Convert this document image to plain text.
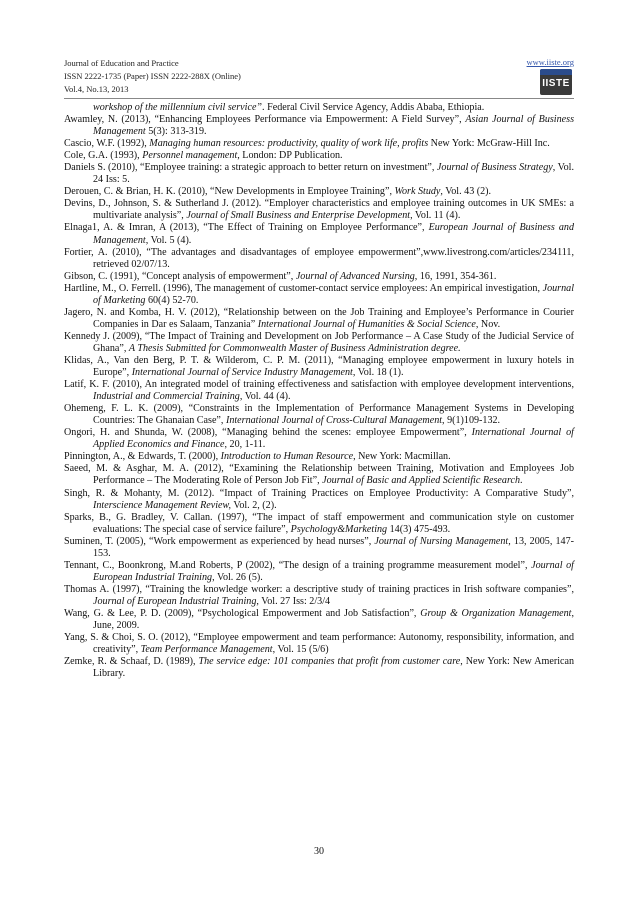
Journal of Education and Practice
ISSN 2222-1735 (Paper) ISSN 2222-288X (Online)
Vol.4, No.13, 2013
www.iiste.org
IISTE

workshop of the millennium civil service”. Federal Civil Service Agency, Addis Ababa, Ethiopia.

Awamley, N. (2013), “Enhancing Employees Performance via Empowerment: A Field Survey”, Asian Journal of Business Management 5(3): 313-319.

Cascio, W.F. (1992), Managing human resources: productivity, quality of work life, profits New York: McGraw-Hill Inc.

Cole, G.A. (1993), Personnel management, London: DP Publication.

Daniels S. (2010), “Employee training: a strategic approach to better return on investment”, Journal of Business Strategy, Vol. 24 Iss: 5.

Derouen, C. & Brian, H. K. (2010), “New Developments in Employee Training”, Work Study, Vol. 43 (2).

Devins, D., Johnson, S. & Sutherland J. (2012). “Employer characteristics and employee training outcomes in UK SMEs: a multivariate analysis”, Journal of Small Business and Enterprise Development, Vol. 11 (4).

Elnaga1, A. & Imran, A (2013), “The Effect of Training on Employee Performance”, European Journal of Business and Management, Vol. 5 (4).

Fortier, A. (2010), “The advantages and disadvantages of employee empowerment”,www.livestrong.com/articles/234111, retrieved 02/07/13.

Gibson, C. (1991), “Concept analysis of empowerment”, Journal of Advanced Nursing, 16, 1991, 354-361.

Hartline, M., O. Ferrell. (1996), The management of customer-contact service employees: An empirical investigation, Journal of Marketing 60(4) 52-70.

Jagero, N. and Komba, H. V. (2012), “Relationship between on the Job Training and Employee’s Performance in Courier Companies in Dar es Salaam, Tanzania” International Journal of Humanities & Social Science, Nov.

Kennedy J. (2009), “The Impact of Training and Development on Job Performance – A Case Study of the Judicial Service of Ghana”, A Thesis Submitted for Commonwealth Master of Business Administration degree.

Klidas, A., Van den Berg, P. T. & Wilderom, C. P. M. (2011), “Managing employee empowerment in luxury hotels in Europe”, International Journal of Service Industry Management, Vol. 18 (1).

Latif, K. F. (2010), An integrated model of training effectiveness and satisfaction with employee development interventions, Industrial and Commercial Training, Vol. 44 (4).

Ohemeng, F. L. K. (2009), “Constraints in the Implementation of Performance Management Systems in Developing Countries: The Ghanaian Case”, International Journal of Cross-Cultural Management, 9(1)109-132.

Ongori, H. and Shunda, W. (2008), “Managing behind the scenes: employee Empowerment”, International Journal of Applied Economics and Finance, 20, 1-11.

Pinnington, A., & Edwards, T. (2000), Introduction to Human Resource, New York: Macmillan.

Saeed, M. & Asghar, M. A. (2012), “Examining the Relationship between Training, Motivation and Employees Job Performance – The Moderating Role of Person Job Fit”, Journal of Basic and Applied Scientific Research.

Singh, R. & Mohanty, M. (2012). “Impact of Training Practices on Employee Productivity: A Comparative Study”, Interscience Management Review, Vol. 2, (2).

Sparks, B., G. Bradley, V. Callan. (1997), “The impact of staff empowerment and communication style on customer evaluations: The special case of service failure”, Psychology&Marketing 14(3) 475-493.

Suminen, T. (2005), “Work empowerment as experienced by head nurses”, Journal of Nursing Management, 13, 2005, 147-153.

Tennant, C., Boonkrong, M.and Roberts, P (2002), “The design of a training programme measurement model”, Journal of European Industrial Training, Vol. 26 (5).

Thomas A. (1997), “Training the knowledge worker: a descriptive study of training practices in Irish software companies”, Journal of European Industrial Training, Vol. 27 Iss: 2/3/4

Wang, G. & Lee, P. D. (2009), “Psychological Empowerment and Job Satisfaction”, Group & Organization Management, June, 2009.

Yang, S. & Choi, S. O. (2012), “Employee empowerment and team performance: Autonomy, responsibility, information, and creativity”, Team Performance Management, Vol. 15 (5/6)

Zemke, R. & Schaaf, D. (1989), The service edge: 101 companies that profit from customer care, New York: New American Library.

30
